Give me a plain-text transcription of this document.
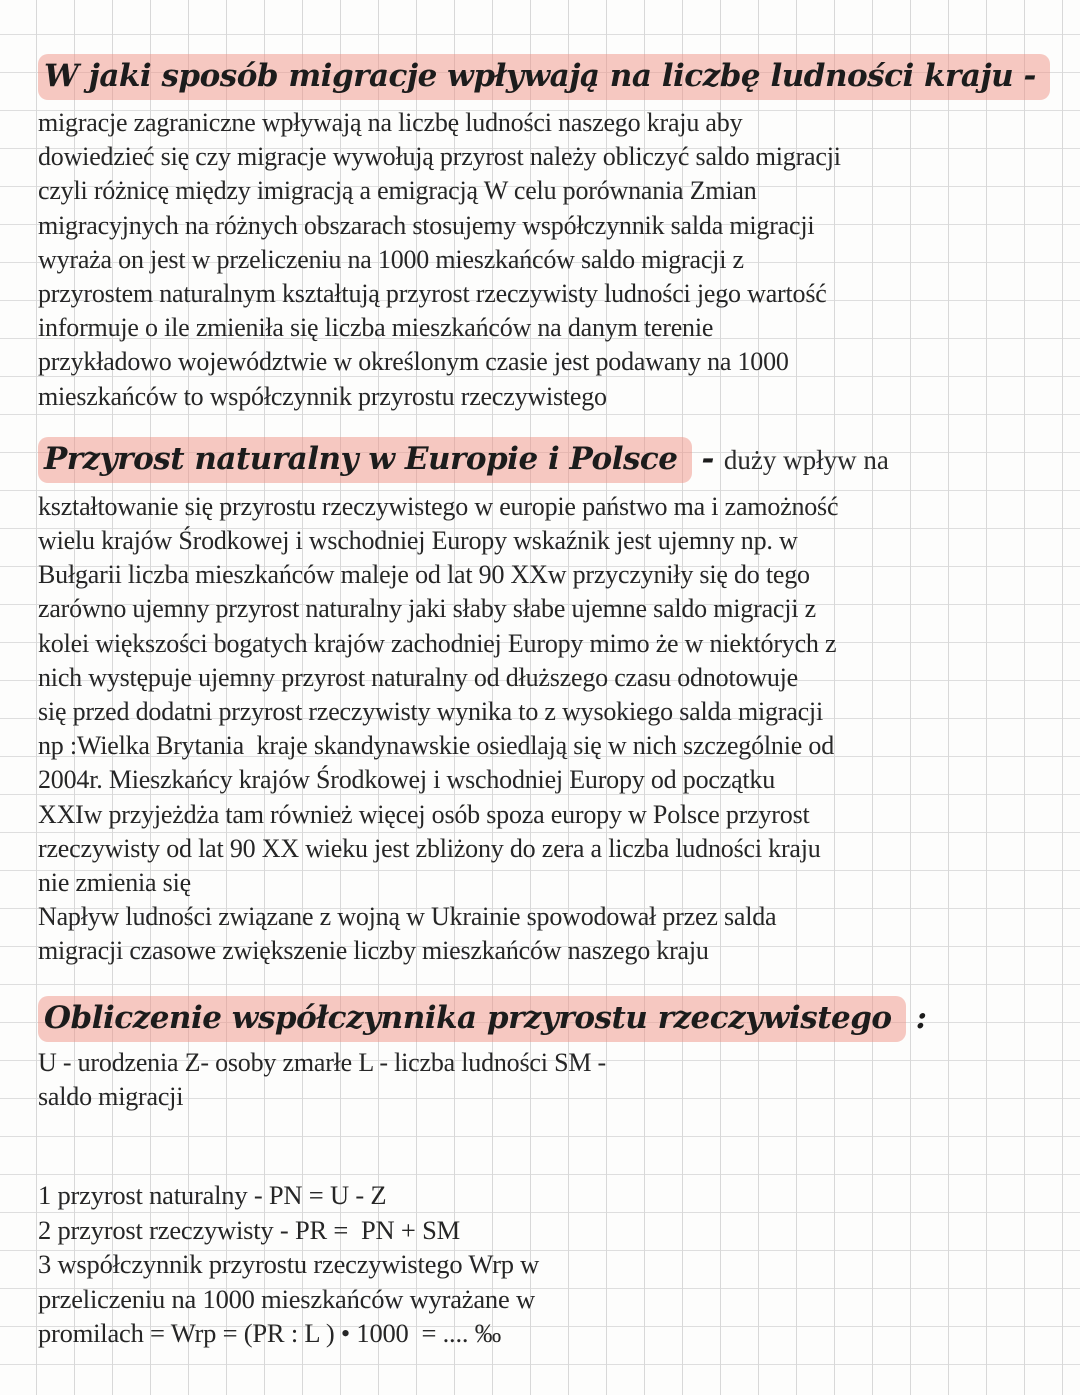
W jaki sposób migracje wpływają na liczbę ludności kraju -
migracje zagraniczne wpływają na liczbę ludności naszego kraju aby
dowiedzieć się czy migracje wywołują przyrost należy obliczyć saldo migracji
czyli różnicę między imigracją a emigracją W celu porównania Zmian
migracyjnych na różnych obszarach stosujemy współczynnik salda migracji
wyraża on jest w przeliczeniu na 1000 mieszkańców saldo migracji z
przyrostem naturalnym kształtują przyrost rzeczywisty ludności jego wartość
informuje o ile zmieniła się liczba mieszkańców na danym terenie
przykładowo województwie w określonym czasie jest podawany na 1000
mieszkańców to współczynnik przyrostu rzeczywistego
Przyrost naturalny w Europie i Polsce - duży wpływ na
kształtowanie się przyrostu rzeczywistego w europie państwo ma i zamożność
wielu krajów Środkowej i wschodniej Europy wskaźnik jest ujemny np. w
Bułgarii liczba mieszkańców maleje od lat 90 XXw przyczyniły się do tego
zarówno ujemny przyrost naturalny jaki słaby słabe ujemne saldo migracji z
kolei większości bogatych krajów zachodniej Europy mimo że w niektórych z
nich występuje ujemny przyrost naturalny od dłuższego czasu odnotowuje
się przed dodatni przyrost rzeczywisty wynika to z wysokiego salda migracji
np :Wielka Brytania  kraje skandynawskie osiedlają się w nich szczególnie od
2004r. Mieszkańcy krajów Środkowej i wschodniej Europy od początku
XXIw przyjeżdża tam również więcej osób spoza europy w Polsce przyrost
rzeczywisty od lat 90 XX wieku jest zbliżony do zera a liczba ludności kraju
nie zmienia się
Napływ ludności związane z wojną w Ukrainie spowodował przez salda
migracji czasowe zwiększenie liczby mieszkańców naszego kraju
Obliczenie współczynnika przyrostu rzeczywistego :
U - urodzenia Z- osoby zmarłe L - liczba ludności SM -
saldo migracji
1 przyrost naturalny - PN = U - Z
2 przyrost rzeczywisty - PR =  PN + SM
3 współczynnik przyrostu rzeczywistego Wrp w
przeliczeniu na 1000 mieszkańców wyrażane w
promilach = Wrp = (PR : L ) • 1000  = .... ‰
